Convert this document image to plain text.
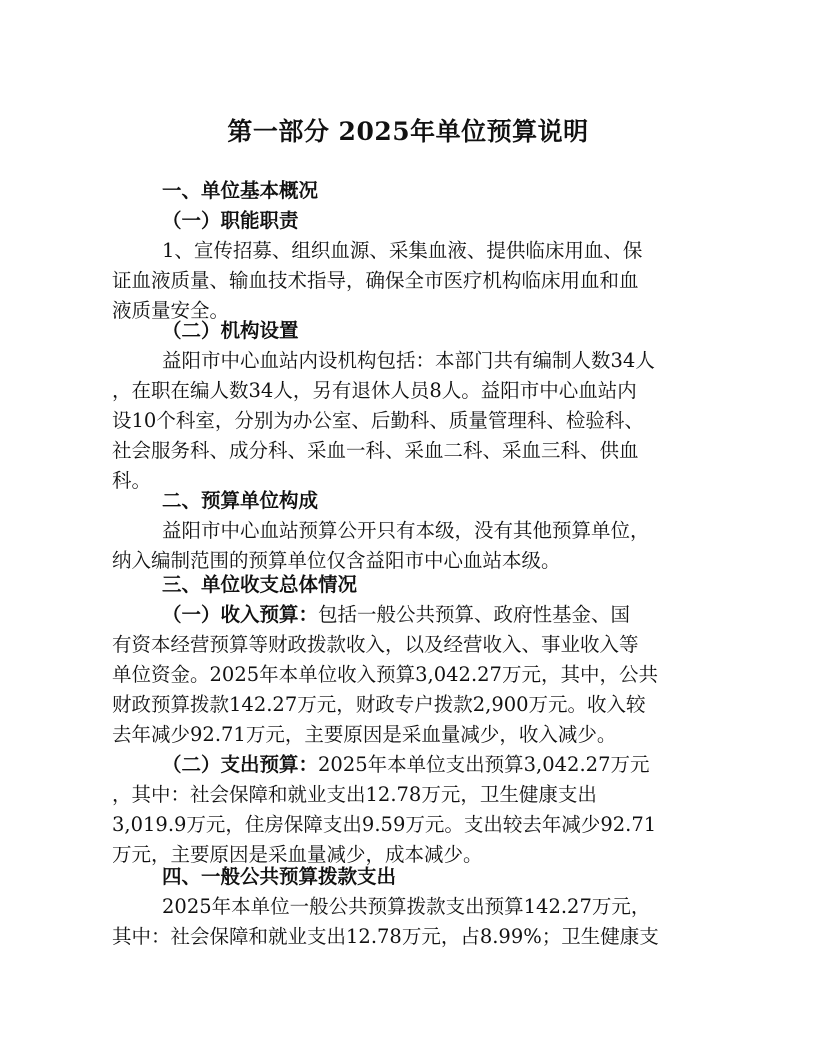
第一部分 2025年单位预算说明
一、单位基本概况
（一）职能职责
1、宣传招募、组织血源、采集血液、提供临床用血、保
证血液质量、输血技术指导，确保全市医疗机构临床用血和血
液质量安全。
（二）机构设置
益阳市中心血站内设机构包括：本部门共有编制人数34人
，在职在编人数34人，另有退休人员8人。益阳市中心血站内
设10个科室，分别为办公室、后勤科、质量管理科、检验科、
社会服务科、成分科、采血一科、采血二科、采血三科、供血
科。
二、预算单位构成
益阳市中心血站预算公开只有本级，没有其他预算单位，
纳入编制范围的预算单位仅含益阳市中心血站本级。
三、单位收支总体情况
（一）收入预算：包括一般公共预算、政府性基金、国
有资本经营预算等财政拨款收入，以及经营收入、事业收入等
单位资金。2025年本单位收入预算3,042.27万元，其中，公共
财政预算拨款142.27万元，财政专户拨款2,900万元。收入较
去年减少92.71万元，主要原因是采血量减少，收入减少。
（二）支出预算：2025年本单位支出预算3,042.27万元
，其中：社会保障和就业支出12.78万元，卫生健康支出
3,019.9万元，住房保障支出9.59万元。支出较去年减少92.71
万元，主要原因是采血量减少，成本减少。
四、一般公共预算拨款支出
2025年本单位一般公共预算拨款支出预算142.27万元，
其中：社会保障和就业支出12.78万元，占8.99%；卫生健康支
